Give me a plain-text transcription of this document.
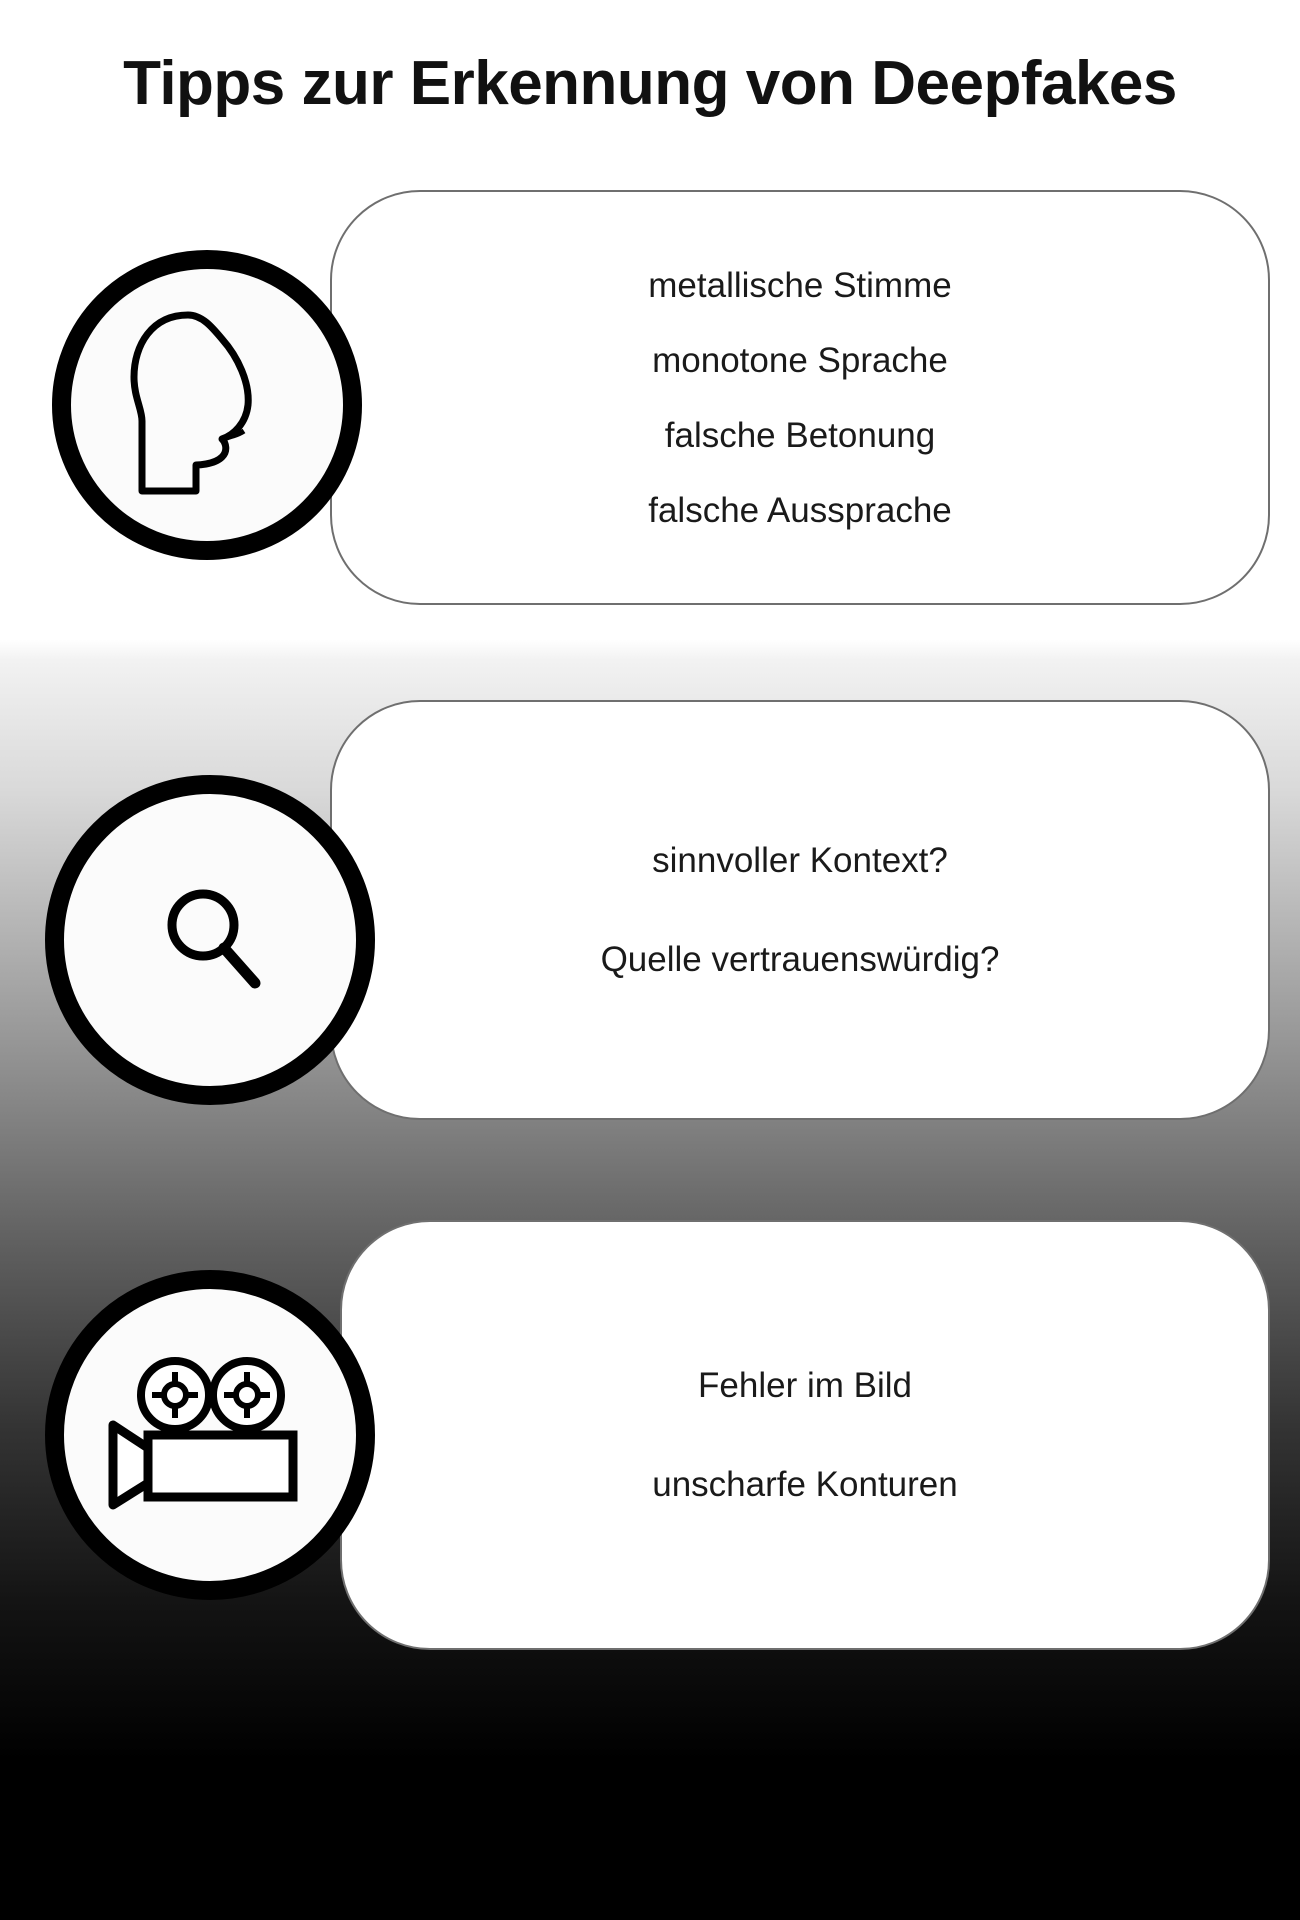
Tipps zur Erkennung von Deepfakes
metallische Stimme
monotone Sprache
falsche Betonung
falsche Aussprache
sinnvoller Kontext?
Quelle vertrauenswürdig?
Fehler im Bild
unscharfe Konturen
